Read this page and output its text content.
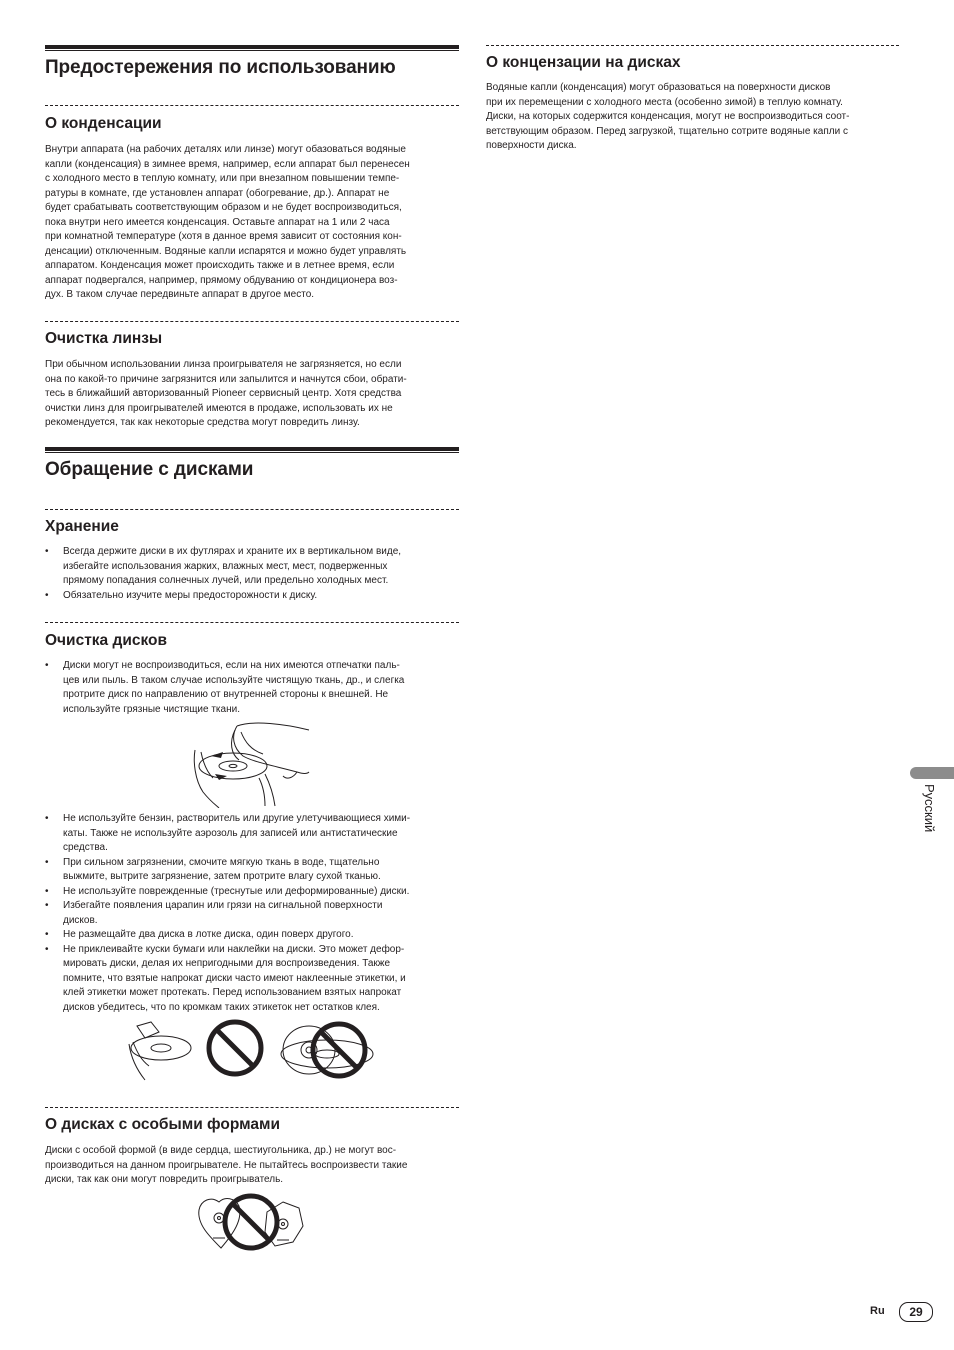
Предостережения по использованию
О конденсации
Внутри аппарата (на рабочих деталях или линзе) могут обазоваться водяные
капли (конденсация) в зимнее время, например, если аппарат был перенесен
с холодного место в теплую комнату, или при внезапном повышении темпе-
ратуры в комнате, где установлен аппарат (обогревание, др.). Аппарат не
будет срабатывать соответствующим образом и не будет воспроизводиться,
пока внутри него имеется конденсация. Оставьте аппарат на 1 или 2 часа
при комнатной температуре (хотя в данное время зависит от состояния кон-
денсации) отключенным. Водяные капли испарятся и можно будет управлять
аппаратом. Конденсация может происходить также и в летнее время, если
аппарат подвергался, например, прямому обдуванию от кондиционера воз-
дух. В таком случае передвиньте аппарат в другое место.
Очистка линзы
При обычном использовании линза проигрывателя не загрязняется, но если
она по какой-то причине загрязнится или запылится и начнутся сбои, обрати-
тесь в ближайший авторизованный Pioneer сервисный центр. Хотя средства
очистки линз для проигрывателей имеются в продаже, использовать их не
рекомендуется, так как некоторые средства могут повредить линзу.
Обращение с дисками
Хранение
• Всегда держите диски в их футлярах и храните их в вертикальном виде,
избегайте использования жарких, влажных мест, мест, подверженных
прямому попадания солнечных лучей, или предельно холодных мест.
• Обязательно изучите меры предосторожности к диску.
Очистка дисков
• Диски могут не воспроизводиться, если на них имеются отпечатки паль-
цев или пыль. В таком случае используйте чистящую ткань, др., и слегка
протрите диск по направлению от внутренней стороны к внешней. Не
используйте грязные чистящие ткани.
• Не используйте бензин, растворитель или другие улетучивающиеся хими-
каты. Также не используйте аэрозоль для записей или антистатические
средства.
• При сильном загрязнении, смочите мягкую ткань в воде, тщательно
выжмите, вытрите загрязнение, затем протрите влагу сухой тканью.
• Не используйте поврежденные (треснутые или деформированные) диски.
• Избегайте появления царапин или грязи на сигнальной поверхности
дисков.
• Не размещайте два диска в лотке диска, один поверх другого.
• Не приклеивайте куски бумаги или наклейки на диски. Это может дефор-
мировать диски, делая их непригодными для воспроизведения. Также
помните, что взятые напрокат диски часто имеют наклеенные этикетки, и
клей этикетки может протекать. Перед использованием взятых напрокат
дисков убедитесь, что по кромкам таких этикеток нет остатков клея.
О дисках с особыми формами
Диски с особой формой (в виде сердца, шестиугольника, др.) не могут вос-
производиться на данном проигрывателе. Не пытайтесь воспроизвести такие
диски, так как они могут повредить проигрыватель.
О концензации на дисках
Водяные капли (конденсация) могут образоваться на поверхности дисков
при их перемещении с холодного места (особенно зимой) в теплую комнату.
Диски, на которых содержится конденсация, могут не воспроизводиться соот-
ветствующим образом. Перед загрузкой, тщательно сотрите водяные капли с
поверхности диска.
Русский
Ru	29
